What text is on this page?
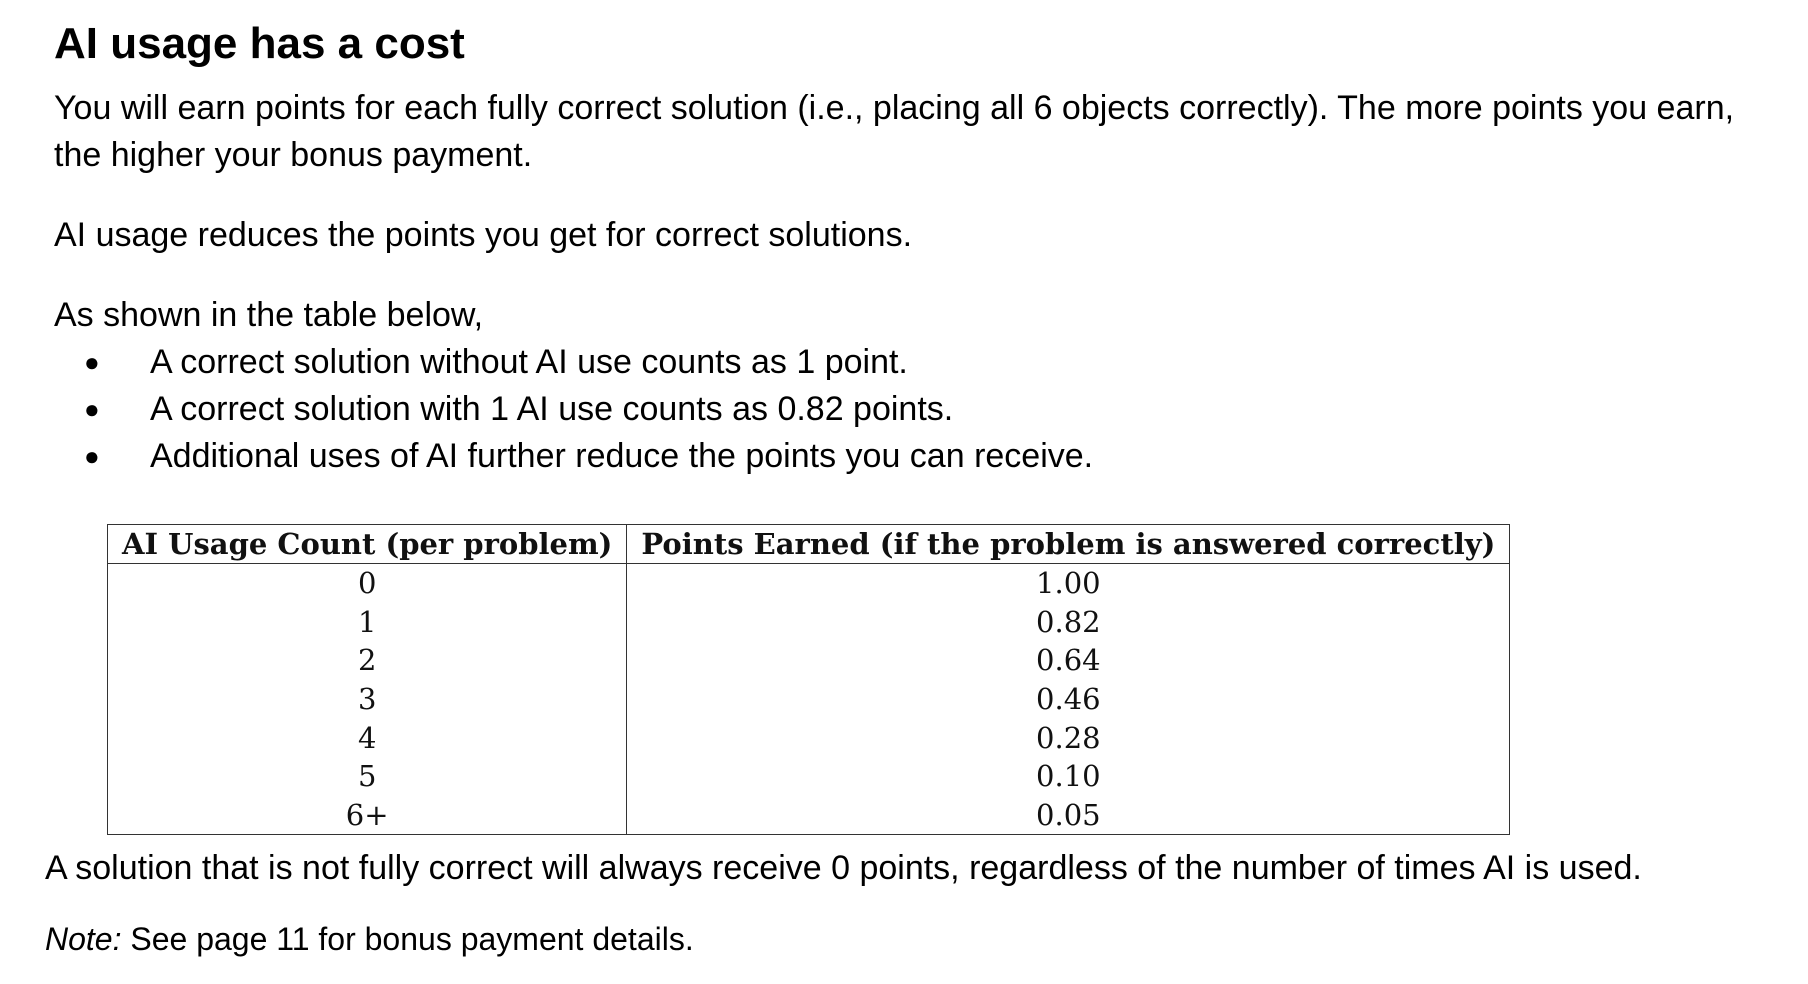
AI usage has a cost

You will earn points for each fully correct solution (i.e., placing all 6 objects correctly). The more points you earn,
the higher your bonus payment.

AI usage reduces the points you get for correct solutions.

As shown in the table below,

● A correct solution without AI use counts as 1 point.
● A correct solution with 1 AI use counts as 0.82 points.
● Additional uses of AI further reduce the points you can receive.
AI Usage Count (per problem)	Points Earned (if the problem is answered correctly)
0	1.00
1	0.82
2	0.64
3	0.46
4	0.28
5	0.10
6+	0.05

A solution that is not fully correct will always receive 0 points, regardless of the number of times AI is used.

Note: See page 11 for bonus payment details.
